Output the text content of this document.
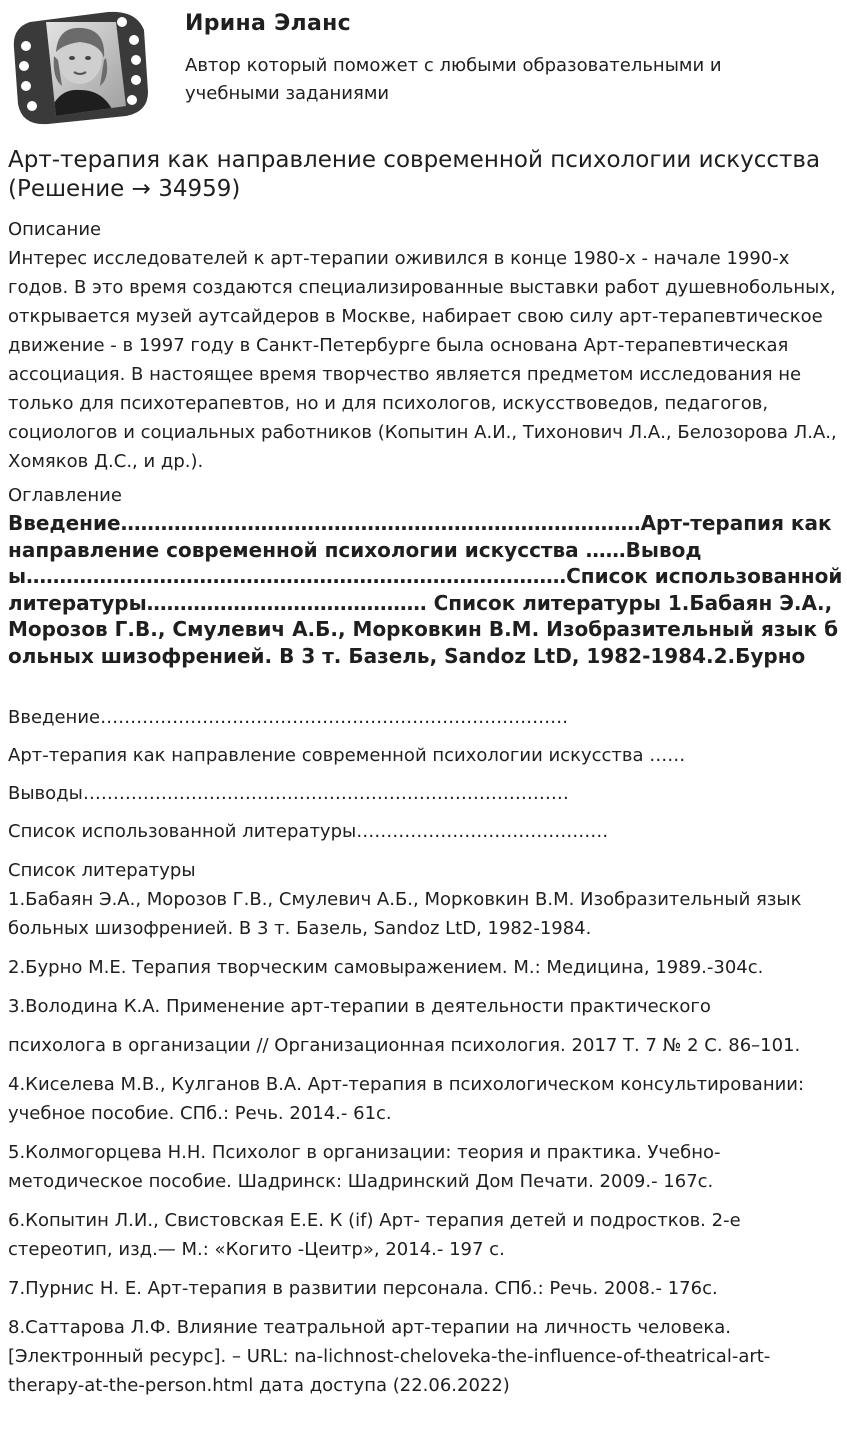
Ирина Эланс

Автор который поможет с любыми образовательными и учебными заданиями

Арт-терапия как направление современной психологии искусства (Решение → 34959)

Описание

Интерес исследователей к арт-терапии оживился в конце 1980-х - начале 1990-х годов. В это время создаются специализированные выставки работ душевнобольных, открывается музей аутсайдеров в Москве, набирает свою силу арт-терапевтическое движение - в 1997 году в Санкт-Петербурге была основана Арт-терапевтическая ассоциация. В настоящее время творчество является предметом исследования не только для психотерапевтов, но и для психологов, искусствоведов, педагогов, социологов и социальных работников (Копытин А.И., Тихонович Л.А., Белозорова Л.А., Хомяков Д.С., и др.).

Оглавление

Введение……………………………………………………………………Арт-терапия как направление современной психологии искусства ……Выводы………………………………………………………………………Список использованной литературы…………………………………… Список литературы 1.Бабаян Э.А., Морозов Г.В., Смулевич А.Б., Морковкин В.М. Изобразительный язык больных шизофренией. В 3 т. Базель, Sandoz LtD, 1982-1984.2.Бурно

Введение……………………………………………………………………

Арт-терапия как направление современной психологии искусства ……

Выводы………………………………………………………………………

Список использованной литературы……………………………………

Список литературы

1.Бабаян Э.А., Морозов Г.В., Смулевич А.Б., Морковкин В.М. Изобразительный язык больных шизофренией. В 3 т. Базель, Sandoz LtD, 1982-1984.

2.Бурно М.Е. Терапия творческим самовыражением. М.: Медицина, 1989.-304с.

3.Володина К.А. Применение арт-терапии в деятельности практического

психолога в организации // Организационная психология. 2017 Т. 7 № 2 С. 86–101.

4.Киселева М.В., Кулганов В.А. Арт-терапия в психологическом консультировании: учебное пособие. СПб.: Речь. 2014.- 61с.

5.Колмогорцева Н.Н. Психолог в организации: теория и практика. Учебно-методическое пособие. Шадринск: Шадринский Дом Печати. 2009.- 167с.

6.Копытин Л.И., Свистовская Е.Е. К (if) Арт- терапия детей и подростков. 2-е стереотип, изд.— М.: «Когито -Цеитр», 2014.- 197 с.

7.Пурнис Н. Е. Арт-терапия в развитии персонала. СПб.: Речь. 2008.- 176с.

8.Саттарова Л.Ф. Влияние театральной арт-терапии на личность человека. [Электронный ресурс]. – URL: na-lichnost-cheloveka-the-influence-of-theatrical-art-therapy-at-the-person.html дата доступа (22.06.2022)
